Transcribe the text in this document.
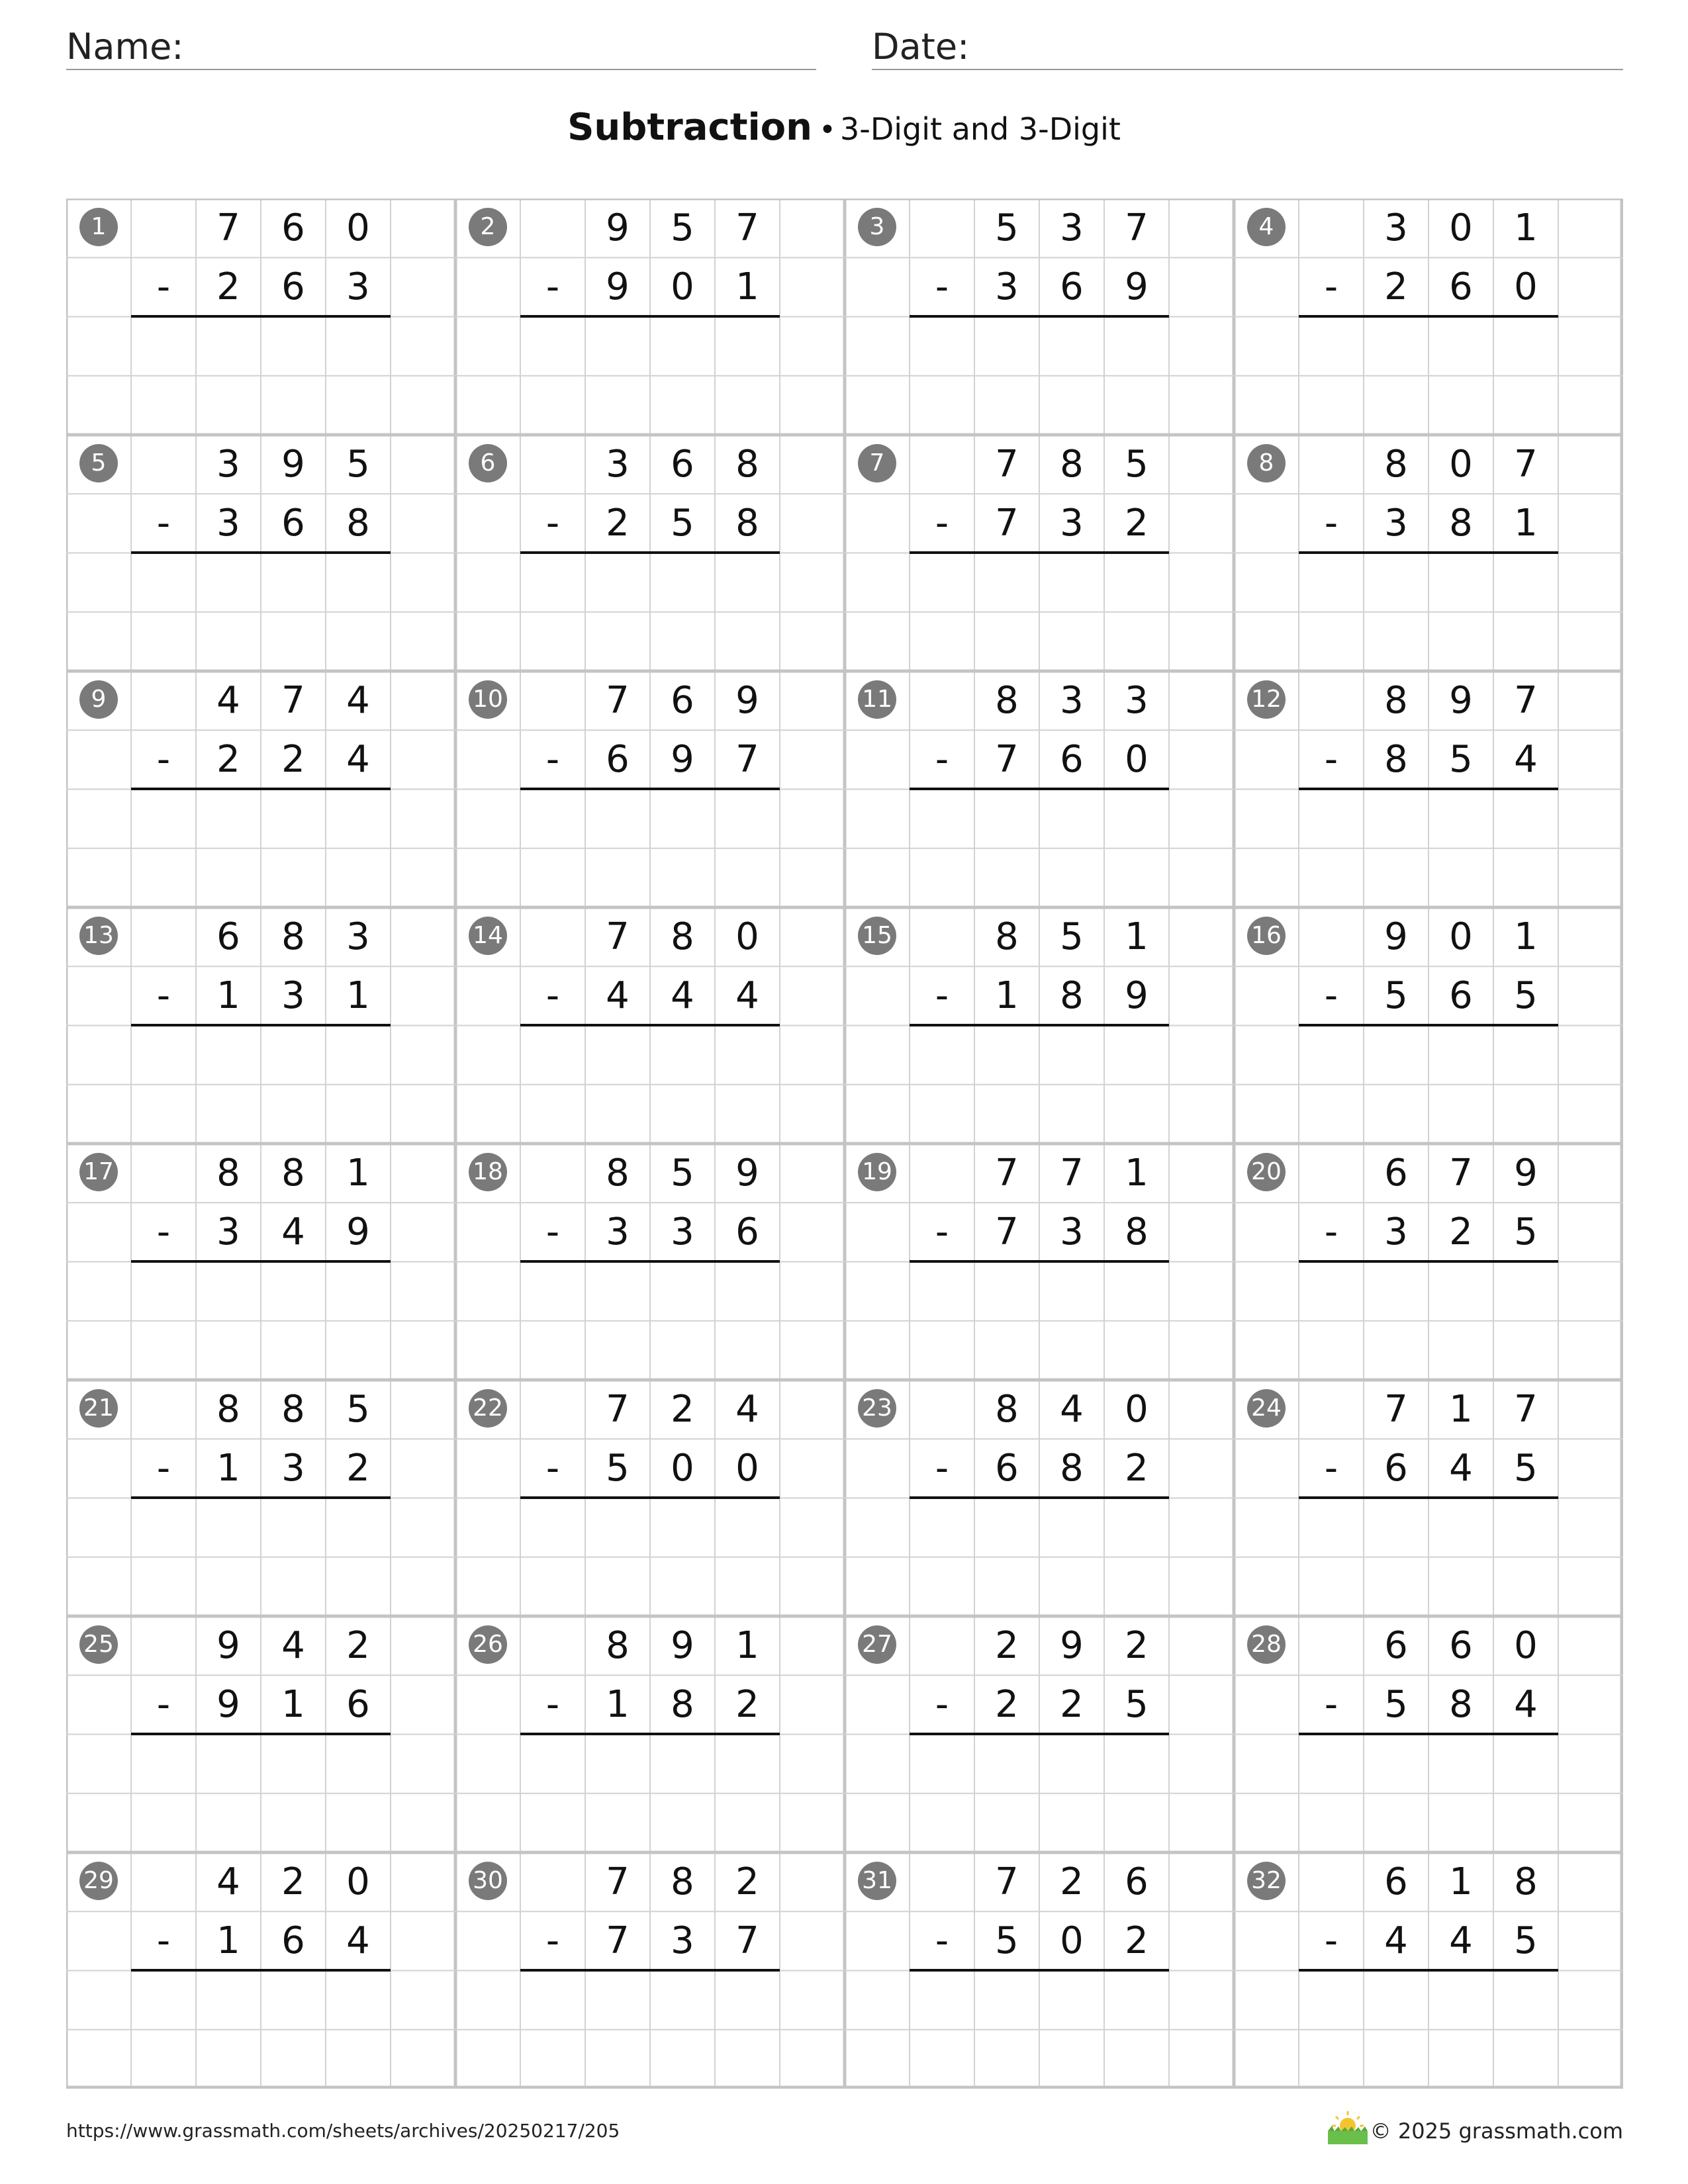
Name:	Date:
Subtraction • 3-Digit and 3-Digit
1	7	6	0
-	2	6	3
2	9	5	7
-	9	0	1
3	5	3	7
-	3	6	9
4	3	0	1
-	2	6	0
5	3	9	5
-	3	6	8
6	3	6	8
-	2	5	8
7	7	8	5
-	7	3	2
8	8	0	7
-	3	8	1
9	4	7	4
-	2	2	4
10	7	6	9
-	6	9	7
11	8	3	3
-	7	6	0
12	8	9	7
-	8	5	4
13	6	8	3
-	1	3	1
14	7	8	0
-	4	4	4
15	8	5	1
-	1	8	9
16	9	0	1
-	5	6	5
17	8	8	1
-	3	4	9
18	8	5	9
-	3	3	6
19	7	7	1
-	7	3	8
20	6	7	9
-	3	2	5
21	8	8	5
-	1	3	2
22	7	2	4
-	5	0	0
23	8	4	0
-	6	8	2
24	7	1	7
-	6	4	5
25	9	4	2
-	9	1	6
26	8	9	1
-	1	8	2
27	2	9	2
-	2	2	5
28	6	6	0
-	5	8	4
29	4	2	0
-	1	6	4
30	7	8	2
-	7	3	7
31	7	2	6
-	5	0	2
32	6	1	8
-	4	4	5
https://www.grassmath.com/sheets/archives/20250217/205	© 2025 grassmath.com
